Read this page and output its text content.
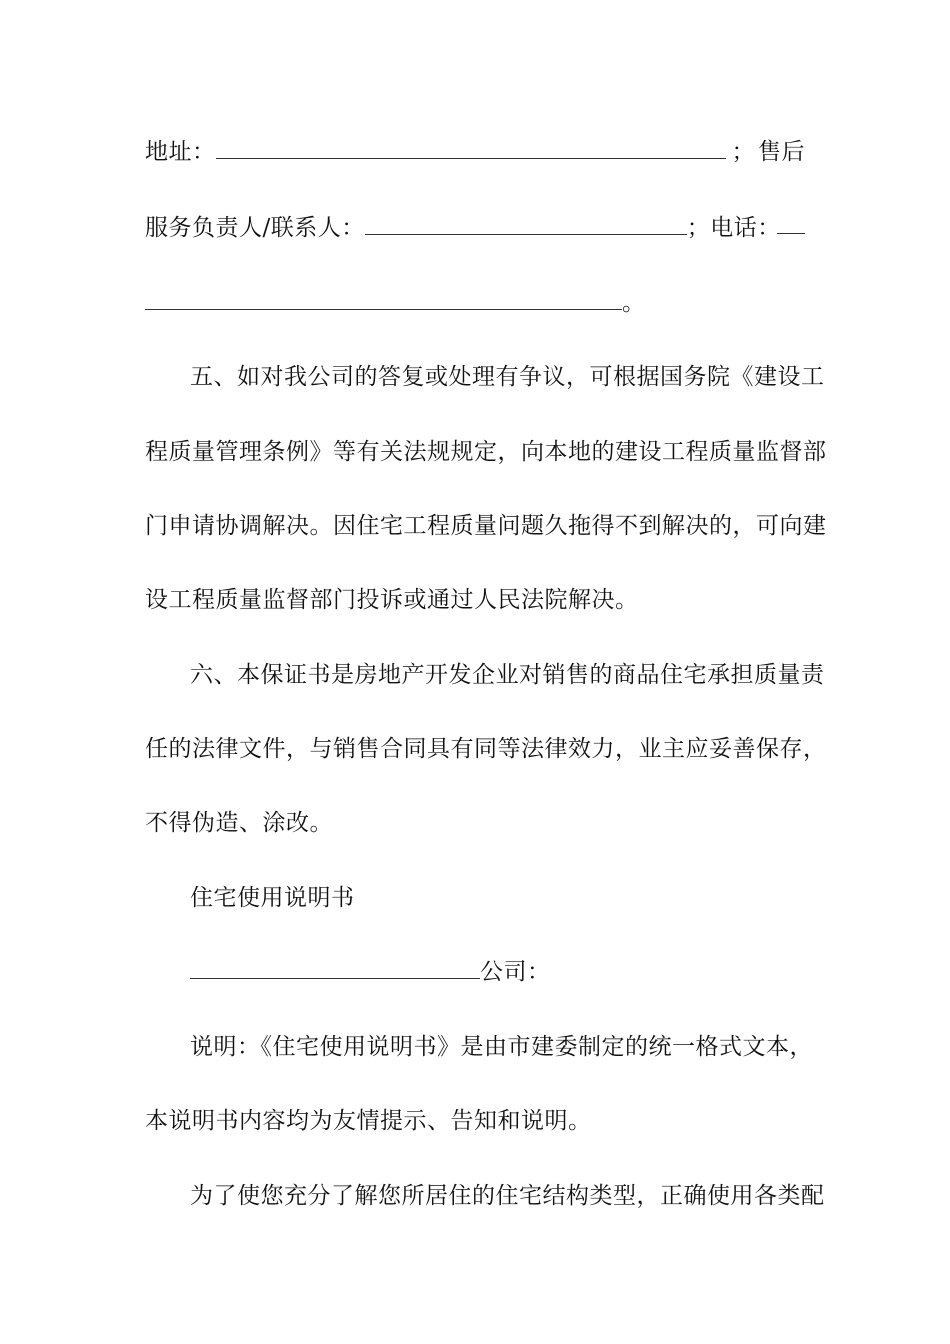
地址：	； 售后
服务负责人/联系人：	；电话：
。
五、如对我公司的答复或处理有争议，可根据国务院《建设工
程质量管理条例》等有关法规规定，向本地的建设工程质量监督部
门申请协调解决。因住宅工程质量问题久拖得不到解决的，可向建
设工程质量监督部门投诉或通过人民法院解决。
六、本保证书是房地产开发企业对销售的商品住宅承担质量责
任的法律文件，与销售合同具有同等法律效力，业主应妥善保存，
不得伪造、涂改。
住宅使用说明书
公司：
说明：《住宅使用说明书》是由市建委制定的统一格式文本，
本说明书内容均为友情提示、告知和说明。
为了使您充分了解您所居住的住宅结构类型，正确使用各类配
